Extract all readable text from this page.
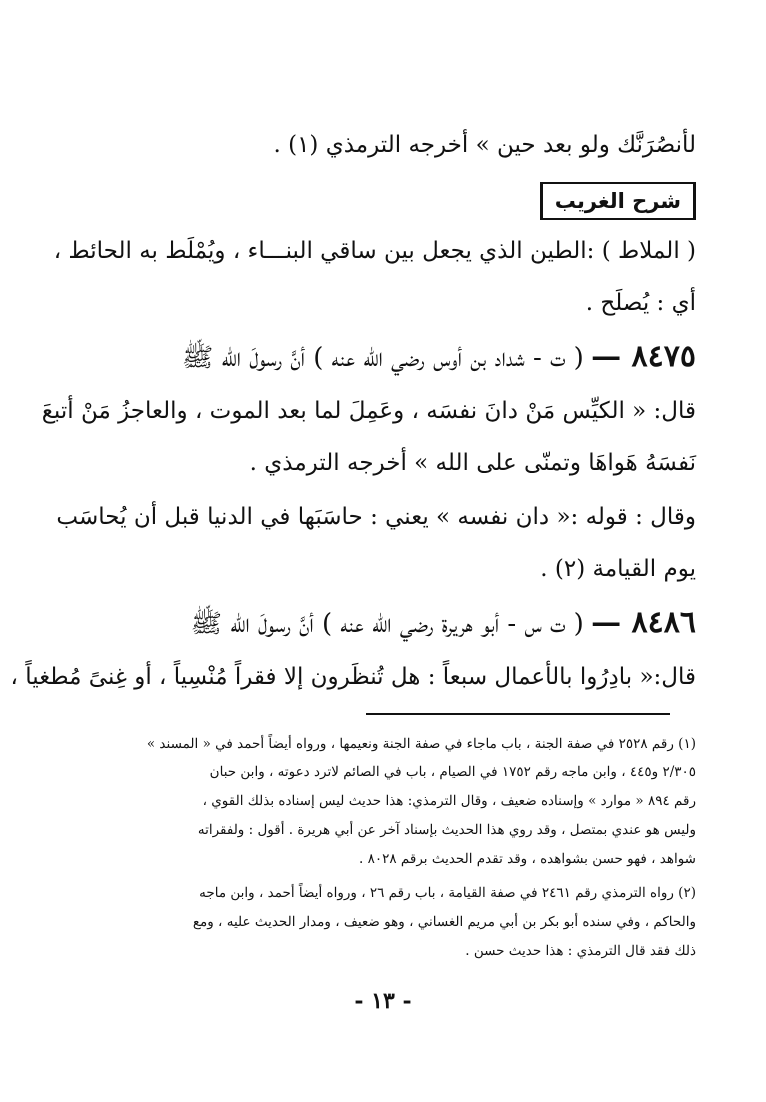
لأنصُرَنَّك ولو بعد حين » أخرجه الترمذي (١) .
شرح الغريب
( الملاط ) :الطين الذي يجعل بين ساقي البنـــاء ، ويُمْلَط به الحائط ،
أي : يُصلَح .
٨٤٧٥ — ( ت - شداد بن أوس رضي الله عنه ) أنَّ رسولَ الله ﷺ
قال: « الكيِّس مَنْ دانَ نفسَه ، وعَمِلَ لما بعد الموت ، والعاجزُ مَنْ أتبعَ
نَفسَهُ هَواهَا وتمنّى على الله » أخرجه الترمذي .
وقال : قوله :« دان نفسه » يعني : حاسَبَها في الدنيا قبل أن يُحاسَب
يوم القيامة (٢) .
٨٤٨٦ — ( ت س - أبو هريرة رضي الله عنه ) أنَّ رسولَ الله ﷺ
قال:« بادِرُوا بالأعمال سبعاً : هل تُنظَرون إلا فقراً مُنْسِياً ، أو غِنىً مُطغياً ،
(١) رقم ٢٥٢٨ في صفة الجنة ، باب ماجاء في صفة الجنة ونعيمها ، ورواه أيضاً أحمد في « المسند »
٢/٣٠٥ و٤٤٥ ، وابن ماجه رقم ١٧٥٢ في الصيام ، باب في الصائم لاترد دعوته ، وابن حبان
رقم ٨٩٤ « موارد » وإسناده ضعيف ، وقال الترمذي: هذا حديث ليس إسناده بذلك القوي ،
وليس هو عندي بمتصل ، وقد روي هذا الحديث بإسناد آخر عن أبي هريرة . أقول : ولفقراته
شواهد ، فهو حسن بشواهده ، وقد تقدم الحديث برقم ٨٠٢٨ .
(٢) رواه الترمذي رقم ٢٤٦١ في صفة القيامة ، باب رقم ٢٦ ، ورواه أيضاً أحمد ، وابن ماجه
والحاكم ، وفي سنده أبو بكر بن أبي مريم الغساني ، وهو ضعيف ، ومدار الحديث عليه ، ومع
ذلك فقد قال الترمذي : هذا حديث حسن .
- ١٣ -
